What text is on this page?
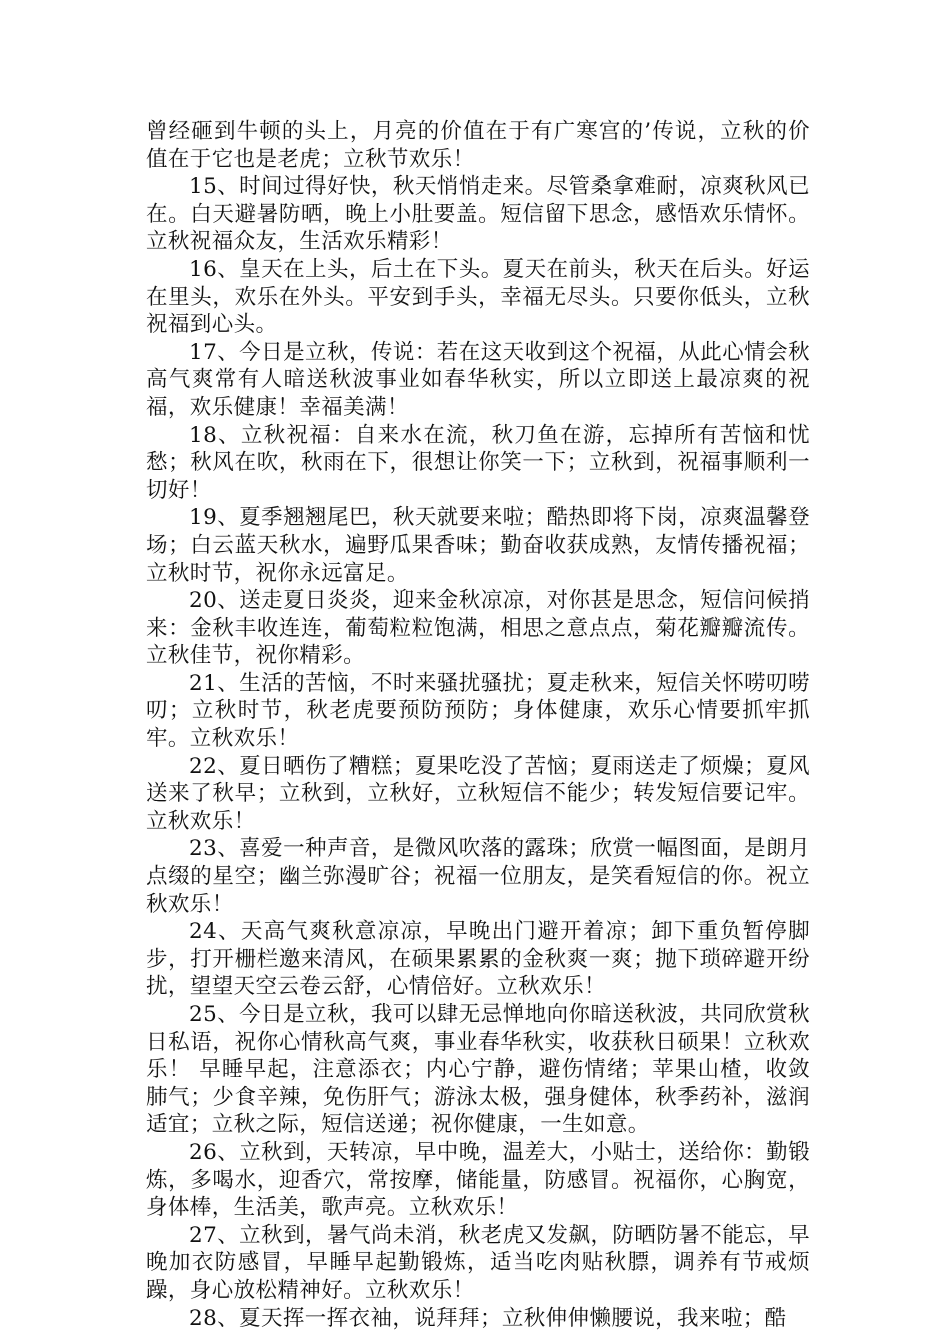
曾经砸到牛顿的头上，月亮的价值在于有广寒宫的’传说，立秋的价值在于它也是老虎；立秋节欢乐！

15、时间过得好快，秋天悄悄走来。尽管桑拿难耐，凉爽秋风已在。白天避暑防晒，晚上小肚要盖。短信留下思念，感悟欢乐情怀。立秋祝福众友，生活欢乐精彩！

16、皇天在上头，后土在下头。夏天在前头，秋天在后头。好运在里头，欢乐在外头。平安到手头，幸福无尽头。只要你低头，立秋祝福到心头。

17、今日是立秋，传说：若在这天收到这个祝福，从此心情会秋高气爽常有人暗送秋波事业如春华秋实，所以立即送上最凉爽的祝福，欢乐健康！幸福美满！

18、立秋祝福：自来水在流，秋刀鱼在游，忘掉所有苦恼和忧愁；秋风在吹，秋雨在下，很想让你笑一下；立秋到，祝福事顺利一切好！

19、夏季翘翘尾巴，秋天就要来啦；酷热即将下岗，凉爽温馨登场；白云蓝天秋水，遍野瓜果香味；勤奋收获成熟，友情传播祝福；立秋时节，祝你永远富足。

20、送走夏日炎炎，迎来金秋凉凉，对你甚是思念，短信问候捎来：金秋丰收连连，葡萄粒粒饱满，相思之意点点，菊花瓣瓣流传。立秋佳节，祝你精彩。

21、生活的苦恼，不时来骚扰骚扰；夏走秋来，短信关怀唠叨唠叨；立秋时节，秋老虎要预防预防；身体健康，欢乐心情要抓牢抓牢。立秋欢乐！

22、夏日晒伤了糟糕；夏果吃没了苦恼；夏雨送走了烦燥；夏风送来了秋早；立秋到，立秋好，立秋短信不能少；转发短信要记牢。立秋欢乐！

23、喜爱一种声音，是微风吹落的露珠；欣赏一幅图面，是朗月点缀的星空；幽兰弥漫旷谷；祝福一位朋友，是笑看短信的你。祝立秋欢乐！

24、天高气爽秋意凉凉，早晚出门避开着凉；卸下重负暂停脚步，打开栅栏邀来清风，在硕果累累的金秋爽一爽；抛下琐碎避开纷扰，望望天空云卷云舒，心情倍好。立秋欢乐！

25、今日是立秋，我可以肆无忌惮地向你暗送秋波，共同欣赏秋日私语，祝你心情秋高气爽，事业春华秋实，收获秋日硕果！立秋欢乐！ 早睡早起，注意添衣；内心宁静，避伤情绪；苹果山楂，收敛肺气；少食辛辣，免伤肝气；游泳太极，强身健体，秋季药补，滋润适宜；立秋之际，短信送递；祝你健康，一生如意。

26、立秋到，天转凉，早中晚，温差大，小贴士，送给你：勤锻炼，多喝水，迎香穴，常按摩，储能量，防感冒。祝福你，心胸宽，身体棒，生活美，歌声亮。立秋欢乐！

27、立秋到，暑气尚未消，秋老虎又发飙，防晒防暑不能忘，早晚加衣防感冒，早睡早起勤锻炼，适当吃肉贴秋膘，调养有节戒烦躁，身心放松精神好。立秋欢乐！

28、夏天挥一挥衣袖，说拜拜；立秋伸伸懒腰说，我来啦；酷
